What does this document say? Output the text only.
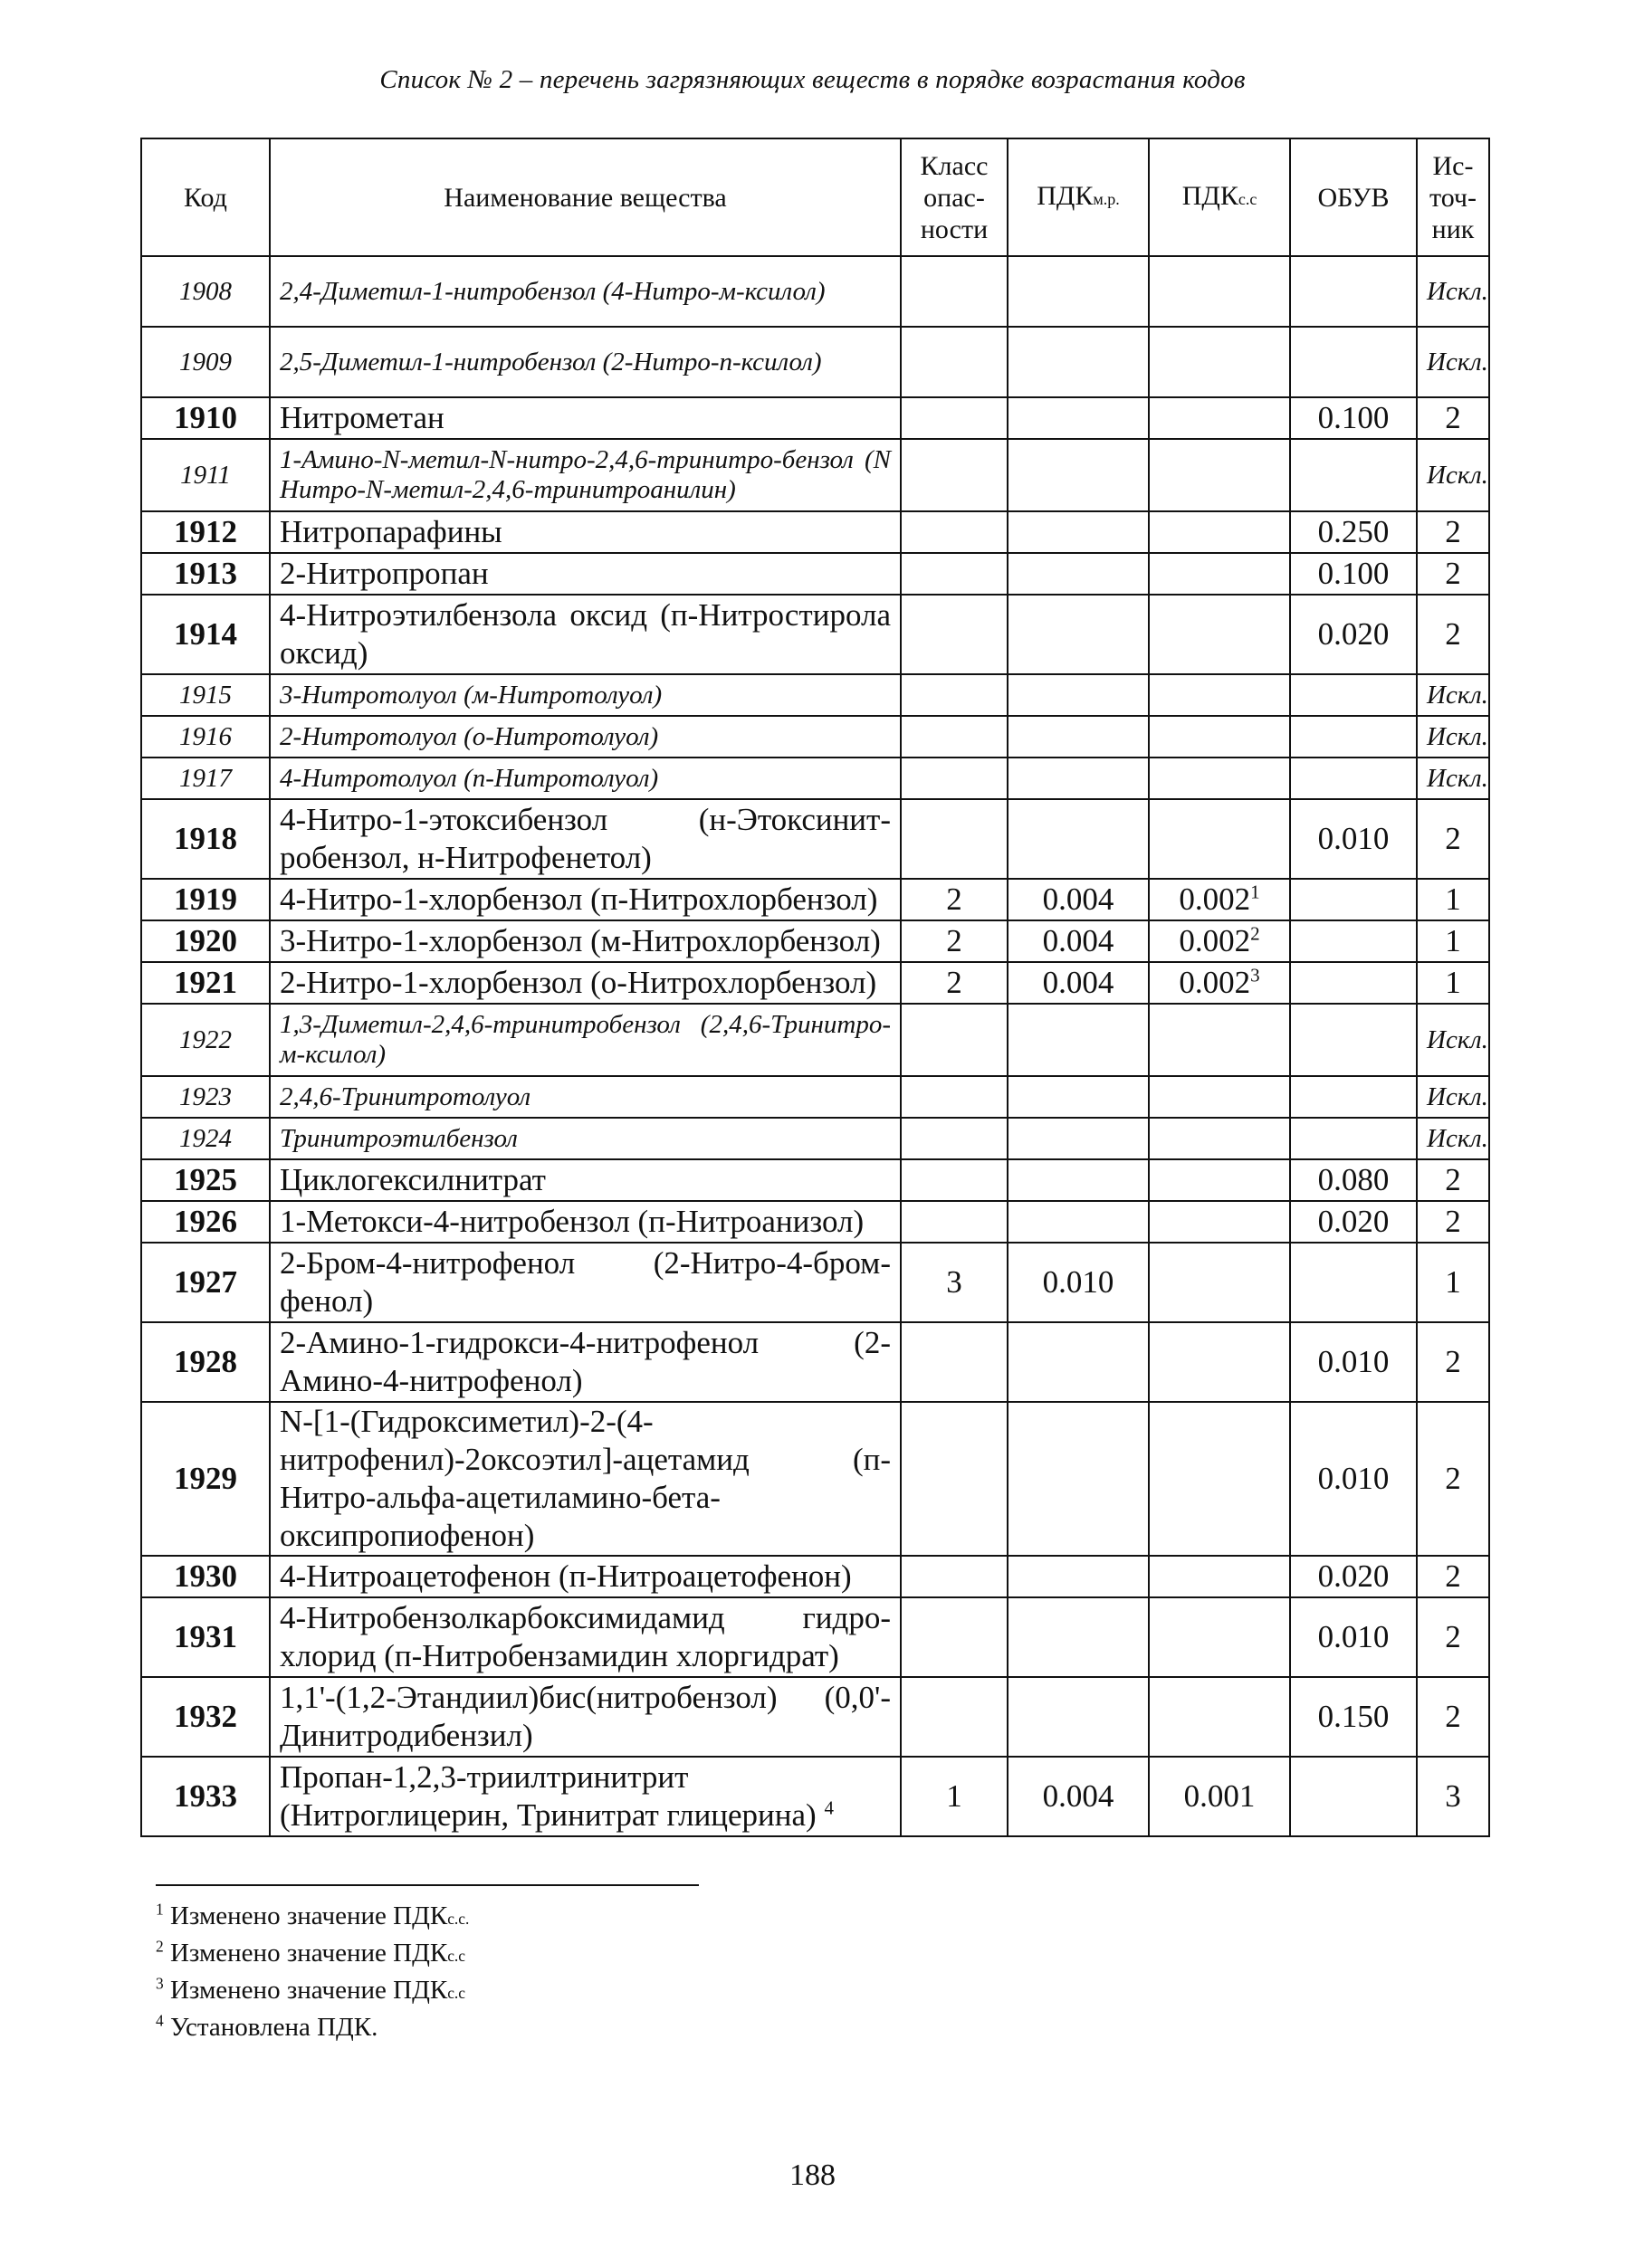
Список № 2 – перечень загрязняющих веществ в порядке возрастания кодов
Код	Наименование вещества	Класс опас-ности	ПДКм.р.	ПДКс.с	ОБУВ	Ис-точ-ник
1908	2,4-Диметил-1-нитробензол (4-Нитро-м-ксилол)					Искл.
1909	2,5-Диметил-1-нитробензол (2-Нитро-п-ксилол)					Искл.
1910	Нитрометан				0.100	2
1911	1-Амино-N-метил-N-нитро-2,4,6-тринитро-бензол (N Нитро-N-метил-2,4,6-тринитроанилин)					Искл.
1912	Нитропарафины				0.250	2
1913	2-Нитропропан				0.100	2
1914	4-Нитроэтилбензола оксид (п-Нитростирола оксид)				0.020	2
1915	3-Нитротолуол (м-Нитротолуол)					Искл.
1916	2-Нитротолуол (о-Нитротолуол)					Искл.
1917	4-Нитротолуол (п-Нитротолуол)					Искл.
1918	4-Нитро-1-этоксибензол (н-Этоксинит-робензол, н-Нитрофенетол)				0.010	2
1919	4-Нитро-1-хлорбензол (п-Нитрохлорбензол)	2	0.004	0.002$^1$		1
1920	3-Нитро-1-хлорбензол (м-Нитрохлорбензол)	2	0.004	0.002$^2$		1
1921	2-Нитро-1-хлорбензол (о-Нитрохлорбензол)	2	0.004	0.002$^3$		1
1922	1,3-Диметил-2,4,6-тринитробензол (2,4,6-Тринитро-м-ксилол)					Искл.
1923	2,4,6-Тринитротолуол					Искл.
1924	Тринитроэтилбензол					Искл.
1925	Циклогексилнитрат				0.080	2
1926	1-Метокси-4-нитробензол (п-Нитроанизол)				0.020	2
1927	2-Бром-4-нитрофенол (2-Нитро-4-бром-фенол)	3	0.010			1
1928	2-Амино-1-гидрокси-4-нитрофенол (2-Амино-4-нитрофенол)				0.010	2
1929	N-[1-(Гидроксиметил)-2-(4-нитрофенил)-2оксоэтил]-ацетамид (п-Нитро-альфа-ацетиламино-бета-оксипропиофенон)				0.010	2
1930	4-Нитроацетофенон (п-Нитроацетофенон)				0.020	2
1931	4-Нитробензолкарбоксимидамид гидро-хлорид (п-Нитробензамидин хлоргидрат)				0.010	2
1932	1,1'-(1,2-Этандиил)бис(нитробензол) (0,0'-Динитродибензил)				0.150	2
1933	Пропан-1,2,3-триилтринитрит (Нитроглицерин, Тринитрат глицерина) $^4$	1	0.004	0.001		3
$^1$ Изменено значение ПДКс.с.
$^2$ Изменено значение ПДКс.с
$^3$ Изменено значение ПДКс.с
$^4$ Установлена ПДК.
188
